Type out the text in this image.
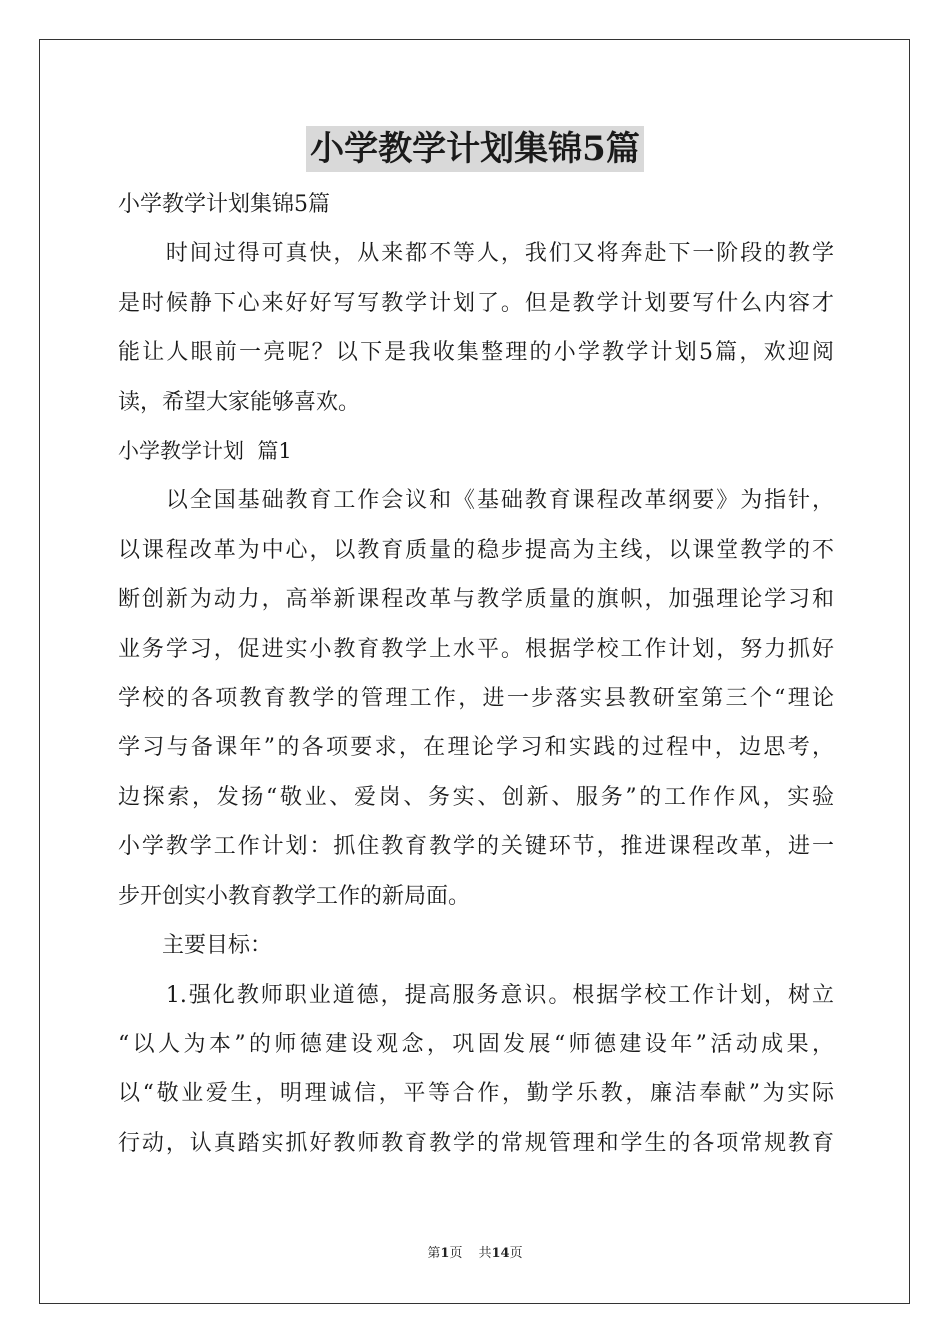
小学教学计划集锦5篇

小学教学计划集锦5篇

　　时间过得可真快，从来都不等人，我们又将奔赴下一阶段的教学

是时候静下心来好好写写教学计划了。但是教学计划要写什么内容才

能让人眼前一亮呢？以下是我收集整理的小学教学计划5篇，欢迎阅

读，希望大家能够喜欢。

小学教学计划  篇1

　　以全国基础教育工作会议和《基础教育课程改革纲要》为指针，

以课程改革为中心，以教育质量的稳步提高为主线，以课堂教学的不

断创新为动力，高举新课程改革与教学质量的旗帜，加强理论学习和

业务学习，促进实小教育教学上水平。根据学校工作计划，努力抓好

学校的各项教育教学的管理工作，进一步落实县教研室第三个“理论

学习与备课年”的各项要求，在理论学习和实践的过程中，边思考，

边探索，发扬“敬业、爱岗、务实、创新、服务”的工作作风，实验

小学教学工作计划：抓住教育教学的关键环节，推进课程改革，进一

步开创实小教育教学工作的新局面。

　　主要目标：

　　1.强化教师职业道德，提高服务意识。根据学校工作计划，树立

“以人为本”的师德建设观念，巩固发展“师德建设年”活动成果，

以“敬业爱生，明理诚信，平等合作，勤学乐教，廉洁奉献”为实际

行动，认真踏实抓好教师教育教学的常规管理和学生的各项常规教育

第1页 共14页
